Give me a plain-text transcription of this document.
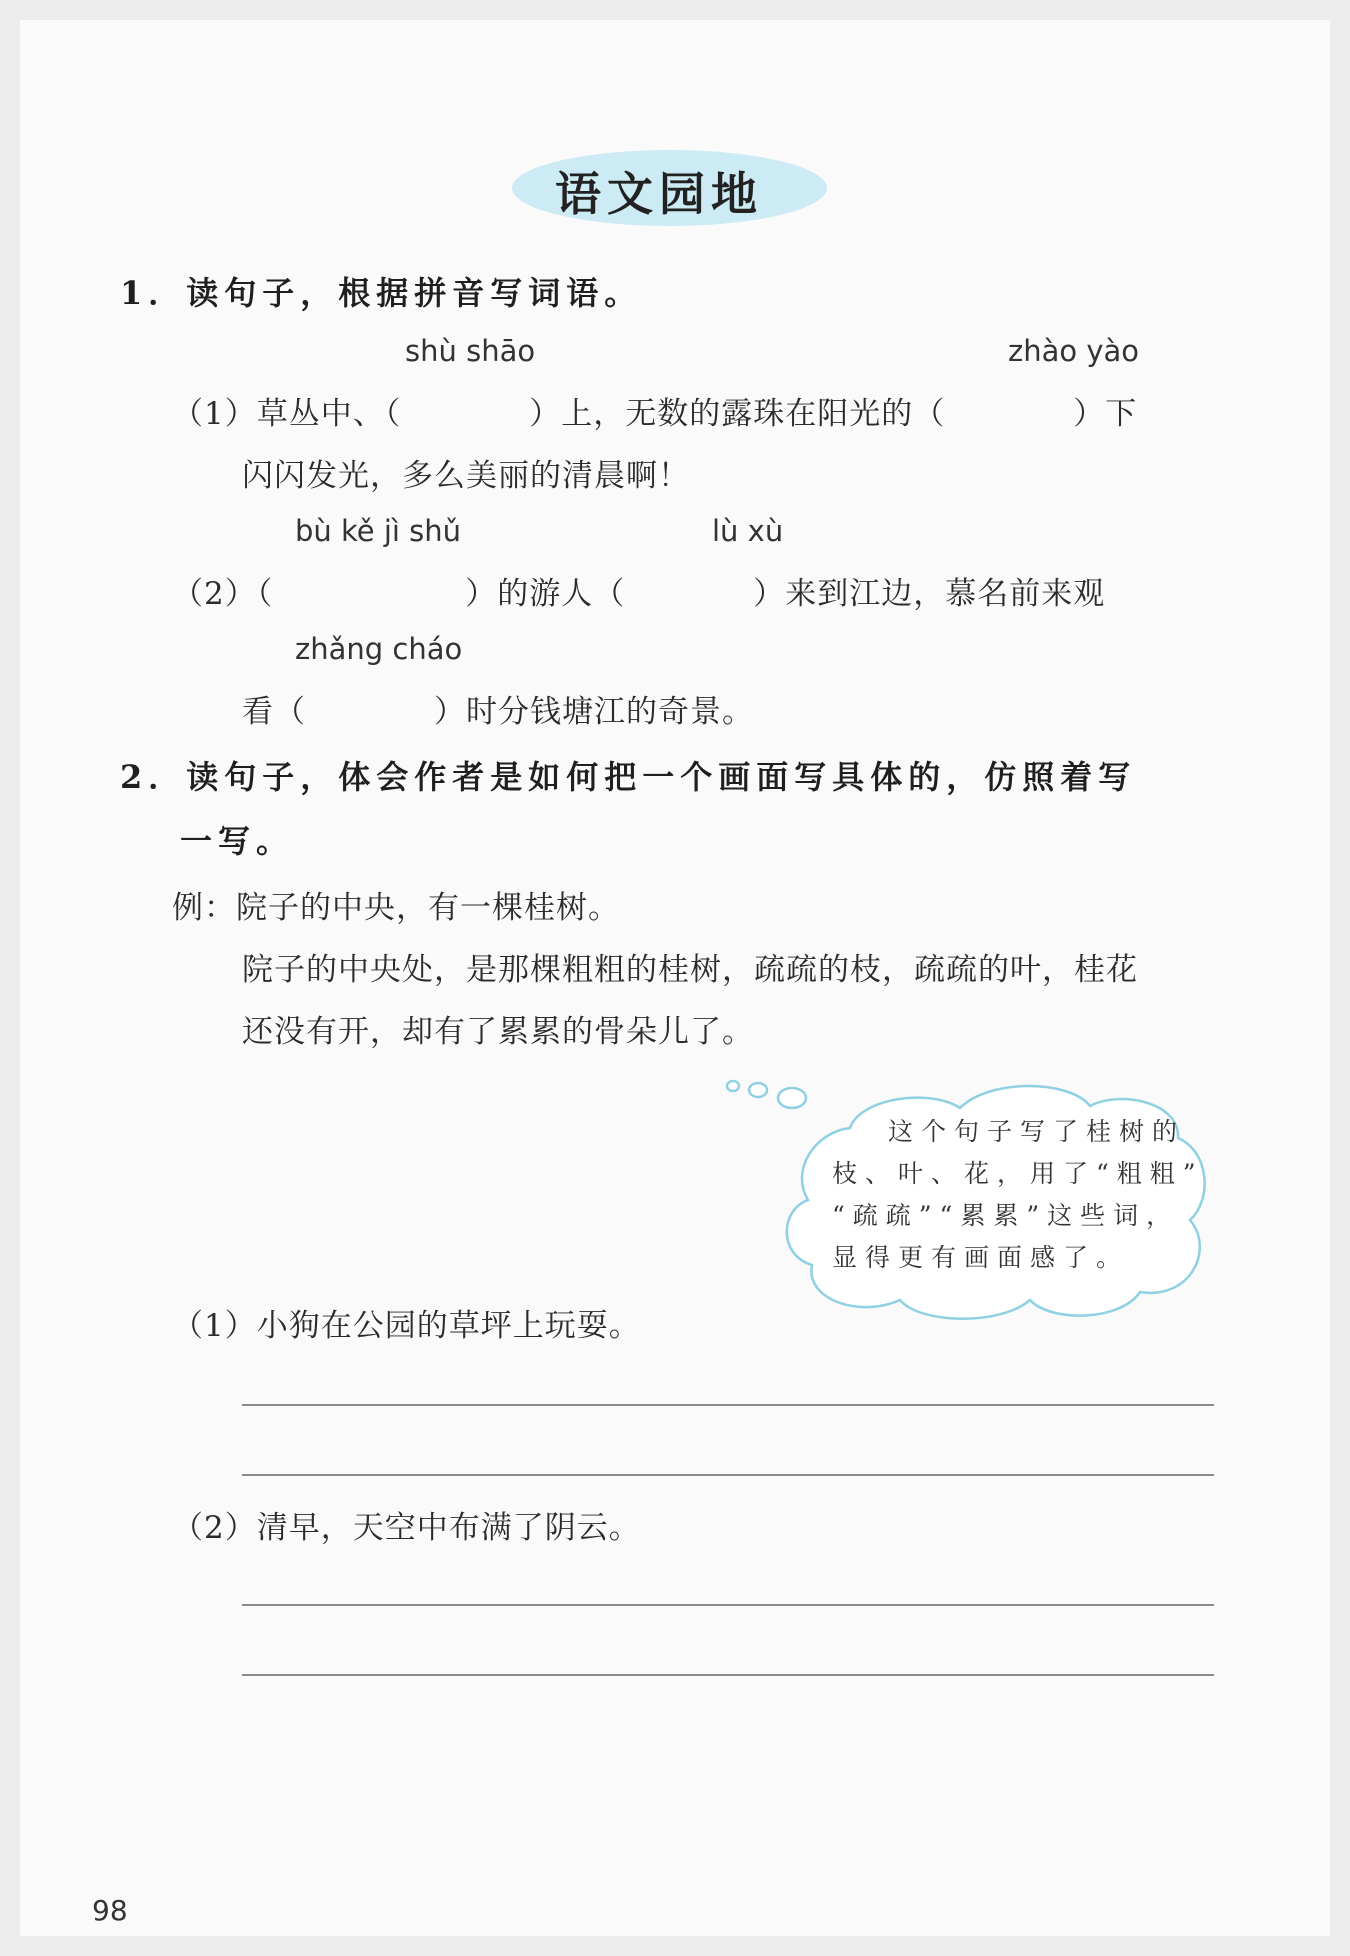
语文园地
1．读句子，根据拼音写词语。
shù shāo	zhào yào
（1）草丛中、（　　　　）上，无数的露珠在阳光的（　　　　）下
闪闪发光，多么美丽的清晨啊！
bù kě jì shǔ	lù xù
（2）（　　　　　　）的游人（　　　　）来到江边，慕名前来观
zhǎng cháo
看（　　　　）时分钱塘江的奇景。
2．读句子，体会作者是如何把一个画面写具体的，仿照着写
一写。
例：院子的中央，有一棵桂树。
院子的中央处，是那棵粗粗的桂树，疏疏的枝，疏疏的叶，桂花
还没有开，却有了累累的骨朵儿了。
这个句子写了桂树的
枝、叶、花，用了“粗粗”
“疏疏”“累累”这些词，
显得更有画面感了。
（1）小狗在公园的草坪上玩耍。
（2）清早，天空中布满了阴云。
98
